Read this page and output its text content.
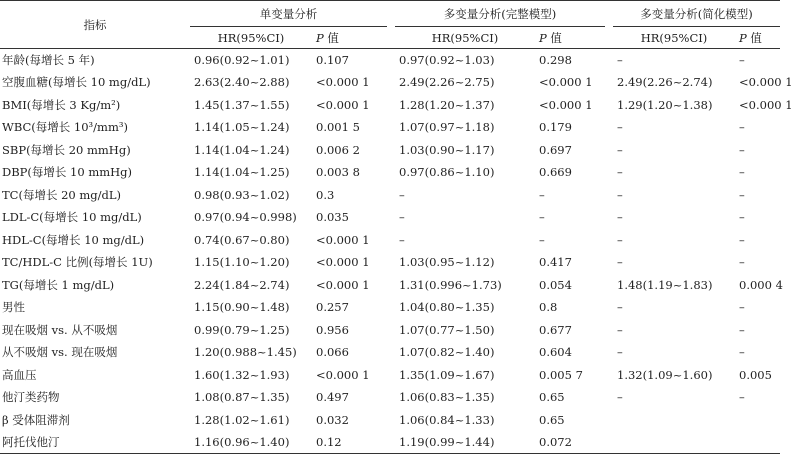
指标	单变量分析			多变量分析(完整模型)			多变量分析(简化模型)	
	HR(95%CI)	P 值		HR(95%CI)	P 值		HR(95%CI)	P 值
年龄(每增长 5 年)	0.96(0.92~1.01)	0.107		0.97(0.92~1.03)	0.298		–	–
空腹血糖(每增长 10 mg/dL)	2.63(2.40~2.88)	<0.000 1		2.49(2.26~2.75)	<0.000 1		2.49(2.26~2.74)	<0.000 1
BMI(每增长 3 Kg/m²)	1.45(1.37~1.55)	<0.000 1		1.28(1.20~1.37)	<0.000 1		1.29(1.20~1.38)	<0.000 1
WBC(每增长 10³/mm³)	1.14(1.05~1.24)	0.001 5		1.07(0.97~1.18)	0.179		–	–
SBP(每增长 20 mmHg)	1.14(1.04~1.24)	0.006 2		1.03(0.90~1.17)	0.697		–	–
DBP(每增长 10 mmHg)	1.14(1.04~1.25)	0.003 8		0.97(0.86~1.10)	0.669		–	–
TC(每增长 20 mg/dL)	0.98(0.93~1.02)	0.3		–	–		–	–
LDL-C(每增长 10 mg/dL)	0.97(0.94~0.998)	0.035		–	–		–	–
HDL-C(每增长 10 mg/dL)	0.74(0.67~0.80)	<0.000 1		–	–		–	–
TC/HDL-C 比例(每增长 1U)	1.15(1.10~1.20)	<0.000 1		1.03(0.95~1.12)	0.417		–	–
TG(每增长 1 mg/dL)	2.24(1.84~2.74)	<0.000 1		1.31(0.996~1.73)	0.054		1.48(1.19~1.83)	0.000 4
男性	1.15(0.90~1.48)	0.257		1.04(0.80~1.35)	0.8		–	–
现在吸烟 vs. 从不吸烟	0.99(0.79~1.25)	0.956		1.07(0.77~1.50)	0.677		–	–
从不吸烟 vs. 现在吸烟	1.20(0.988~1.45)	0.066		1.07(0.82~1.40)	0.604		–	–
高血压	1.60(1.32~1.93)	<0.000 1		1.35(1.09~1.67)	0.005 7		1.32(1.09~1.60)	0.005
他汀类药物	1.08(0.87~1.35)	0.497		1.06(0.83~1.35)	0.65		–	–
β 受体阻滞剂	1.28(1.02~1.61)	0.032		1.06(0.84~1.33)	0.65			
阿托伐他汀	1.16(0.96~1.40)	0.12		1.19(0.99~1.44)	0.072			
